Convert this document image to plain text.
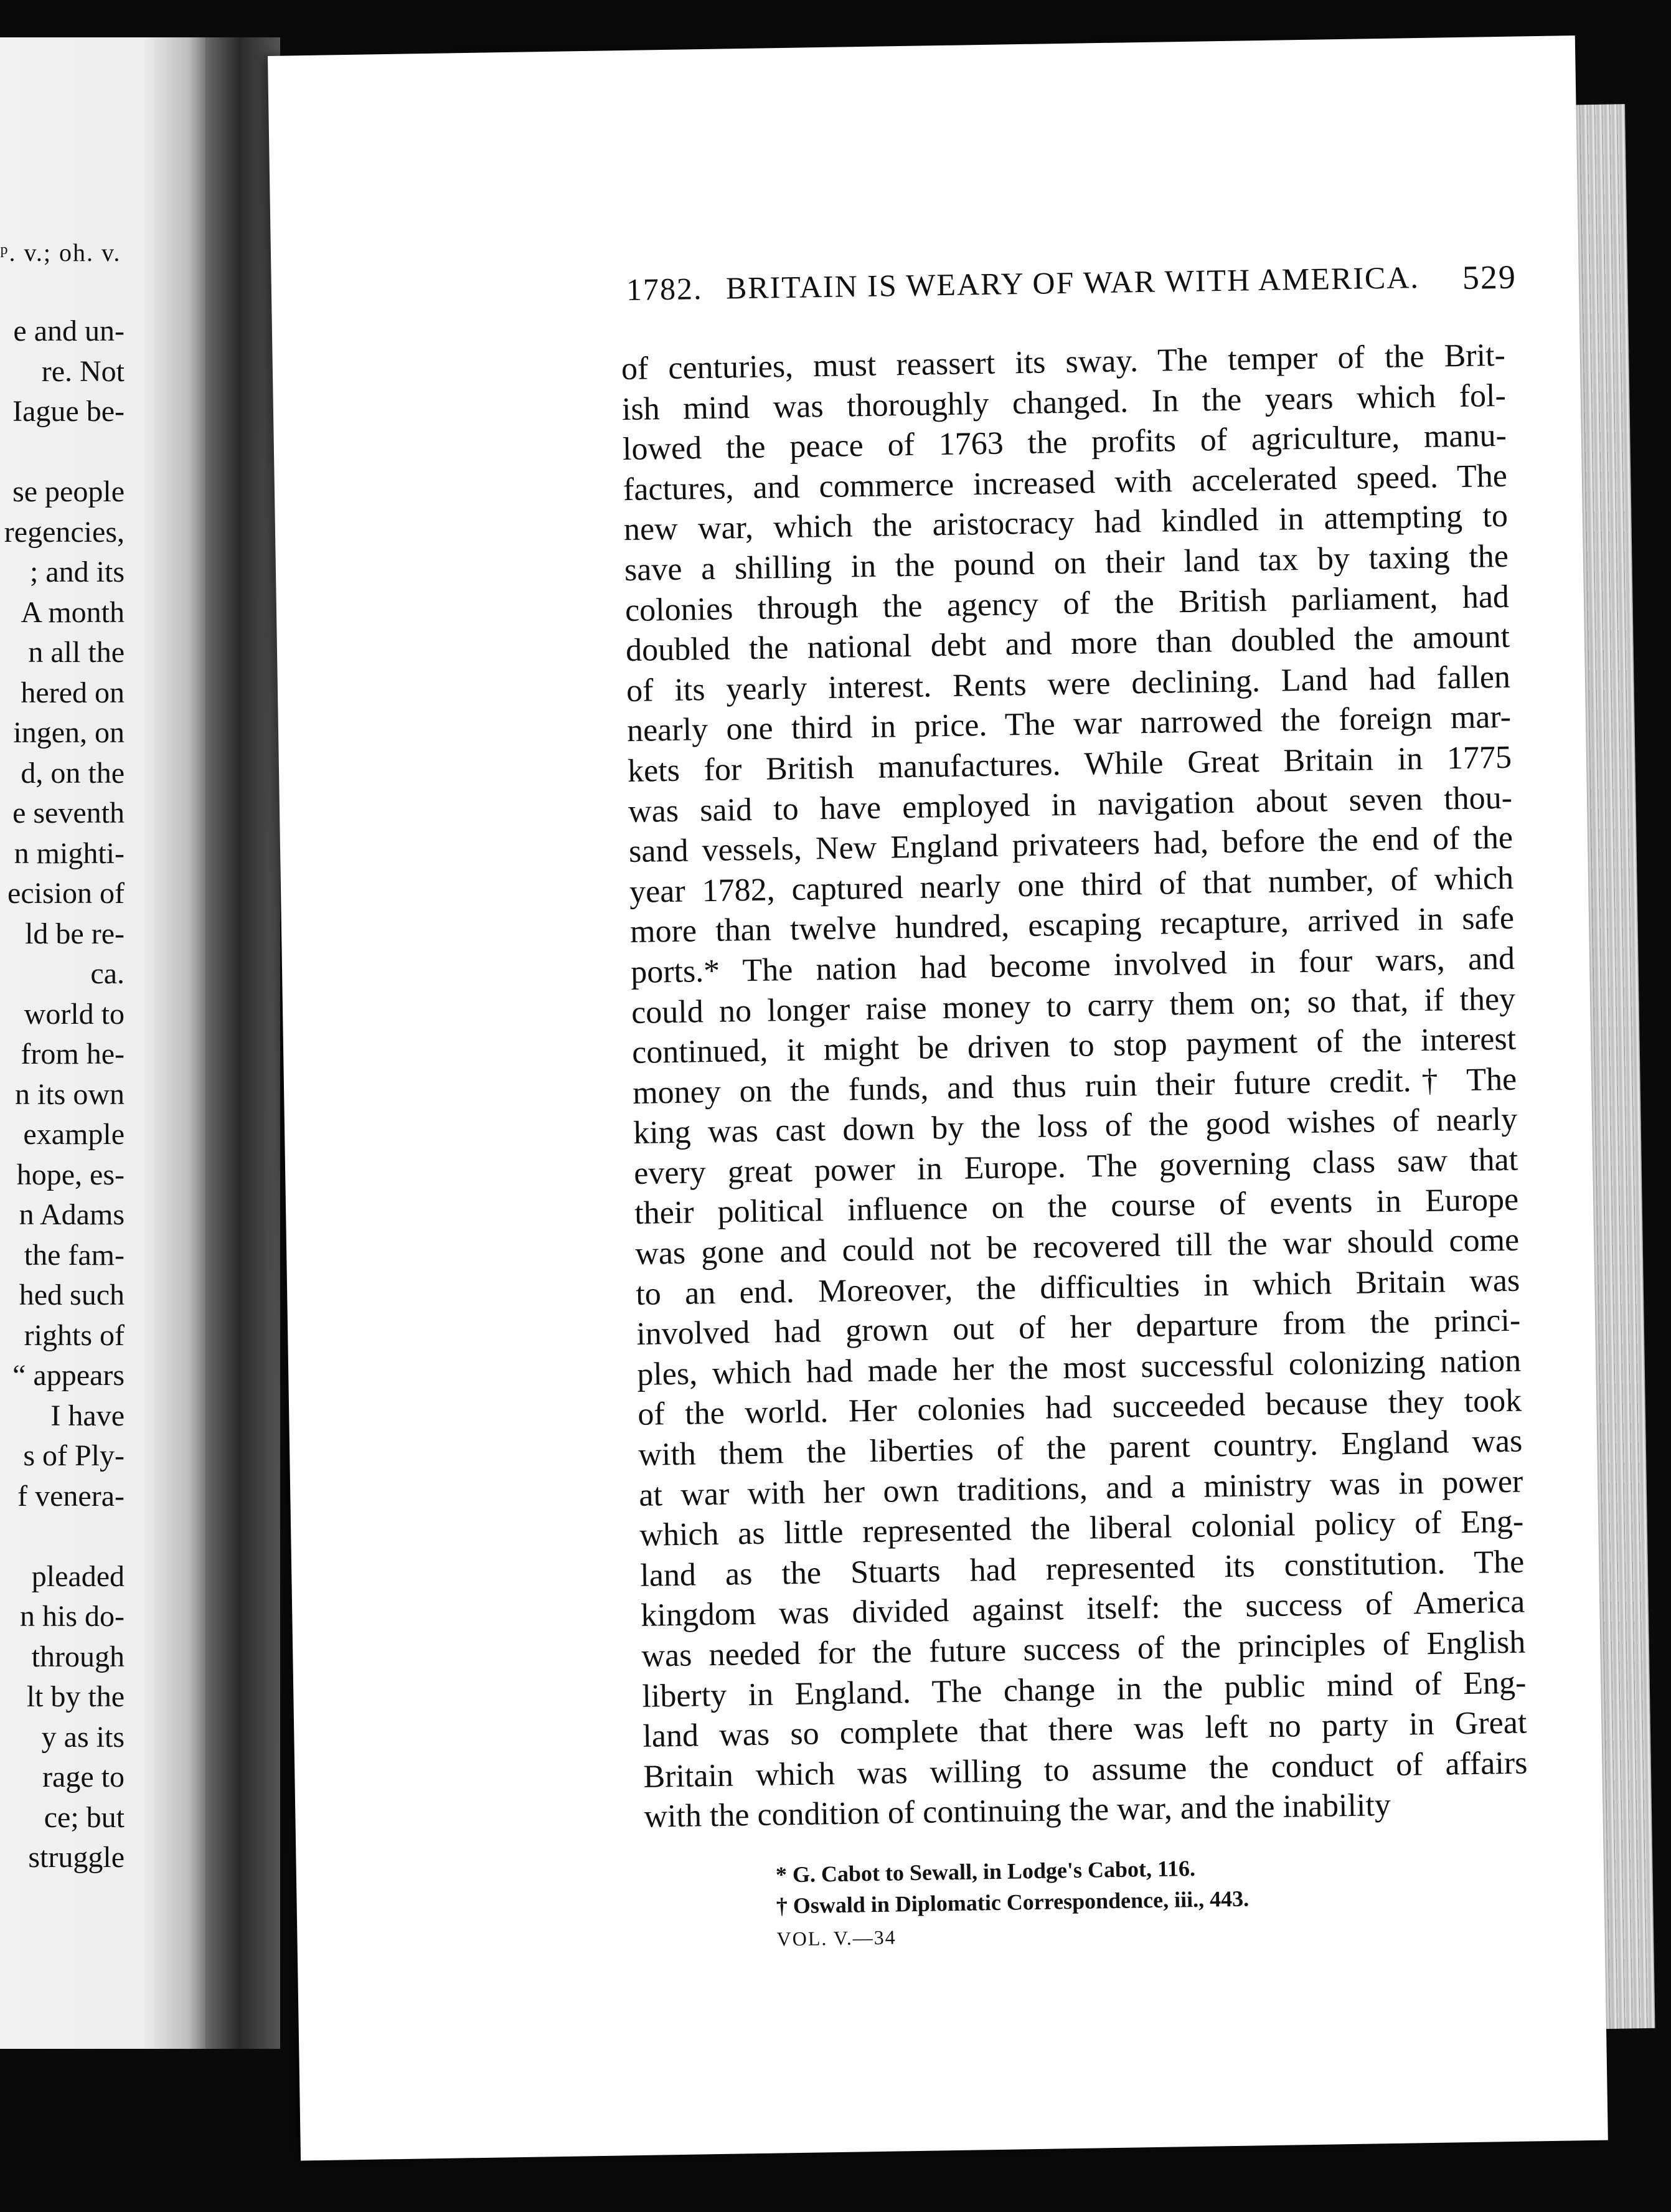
ᵖ. v.; oh. v.
e and un-
re. Not
Iague be-
se people
regencies,
; and its
A month
n all the
hered on
ingen, on
d, on the
e seventh
n mighti-
ecision of
ld be re-
ca.
world to
from he-
n its own
example
hope, es-
n Adams
the fam-
hed such
rights of
“ appears
I have
s of Ply-
f venera-
pleaded
n his do-
through
lt by the
y as its
rage to
ce; but
struggle
1782. BRITAIN IS WEARY OF WAR WITH AMERICA. 529
of centuries, must reassert its sway. The temper of the Brit-
ish mind was thoroughly changed. In the years which fol-
lowed the peace of 1763 the profits of agriculture, manu-
factures, and commerce increased with accelerated speed. The
new war, which the aristocracy had kindled in attempting to
save a shilling in the pound on their land tax by taxing the
colonies through the agency of the British parliament, had
doubled the national debt and more than doubled the amount
of its yearly interest. Rents were declining. Land had fallen
nearly one third in price. The war narrowed the foreign mar-
kets for British manufactures. While Great Britain in 1775
was said to have employed in navigation about seven thou-
sand vessels, New England privateers had, before the end of the
year 1782, captured nearly one third of that number, of which
more than twelve hundred, escaping recapture, arrived in safe
ports.* The nation had become involved in four wars, and
could no longer raise money to carry them on; so that, if they
continued, it might be driven to stop payment of the interest
money on the funds, and thus ruin their future credit.† The
king was cast down by the loss of the good wishes of nearly
every great power in Europe. The governing class saw that
their political influence on the course of events in Europe
was gone and could not be recovered till the war should come
to an end. Moreover, the difficulties in which Britain was
involved had grown out of her departure from the princi-
ples, which had made her the most successful colonizing nation
of the world. Her colonies had succeeded because they took
with them the liberties of the parent country. England was
at war with her own traditions, and a ministry was in power
which as little represented the liberal colonial policy of Eng-
land as the Stuarts had represented its constitution. The
kingdom was divided against itself: the success of America
was needed for the future success of the principles of English
liberty in England. The change in the public mind of Eng-
land was so complete that there was left no party in Great
Britain which was willing to assume the conduct of affairs
with the condition of continuing the war, and the inability
* G. Cabot to Sewall, in Lodge's Cabot, 116.
† Oswald in Diplomatic Correspondence, iii., 443.
VOL. V.—34
